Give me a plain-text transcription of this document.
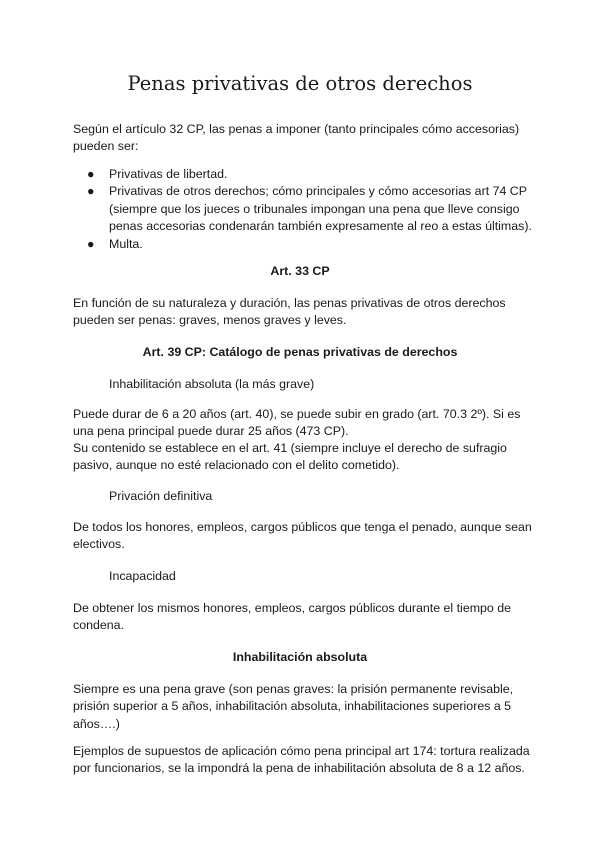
Penas privativas de otros derechos

Según el artículo 32 CP, las penas a imponer (tanto principales cómo accesorias) pueden ser:

● Privativas de libertad.
● Privativas de otros derechos; cómo principales y cómo accesorias art 74 CP (siempre que los jueces o tribunales impongan una pena que lleve consigo penas accesorias condenarán también expresamente al reo a estas últimas).
● Multa.

Art. 33 CP

En función de su naturaleza y duración, las penas privativas de otros derechos pueden ser penas: graves, menos graves y leves.

Art. 39 CP: Catálogo de penas privativas de derechos

Inhabilitación absoluta (la más grave)

Puede durar de 6 a 20 años (art. 40), se puede subir en grado (art. 70.3 2º). Si es una pena principal puede durar 25 años (473 CP).

Su contenido se establece en el art. 41 (siempre incluye el derecho de sufragio pasivo, aunque no esté relacionado con el delito cometido).

Privación definitiva

De todos los honores, empleos, cargos públicos que tenga el penado, aunque sean electivos.

Incapacidad

De obtener los mismos honores, empleos, cargos públicos durante el tiempo de condena.

Inhabilitación absoluta

Siempre es una pena grave (son penas graves: la prisión permanente revisable, prisión superior a 5 años, inhabilitación absoluta, inhabilitaciones superiores a 5 años….)

Ejemplos de supuestos de aplicación cómo pena principal art 174: tortura realizada por funcionarios, se la impondrá la pena de inhabilitación absoluta de 8 a 12 años.
